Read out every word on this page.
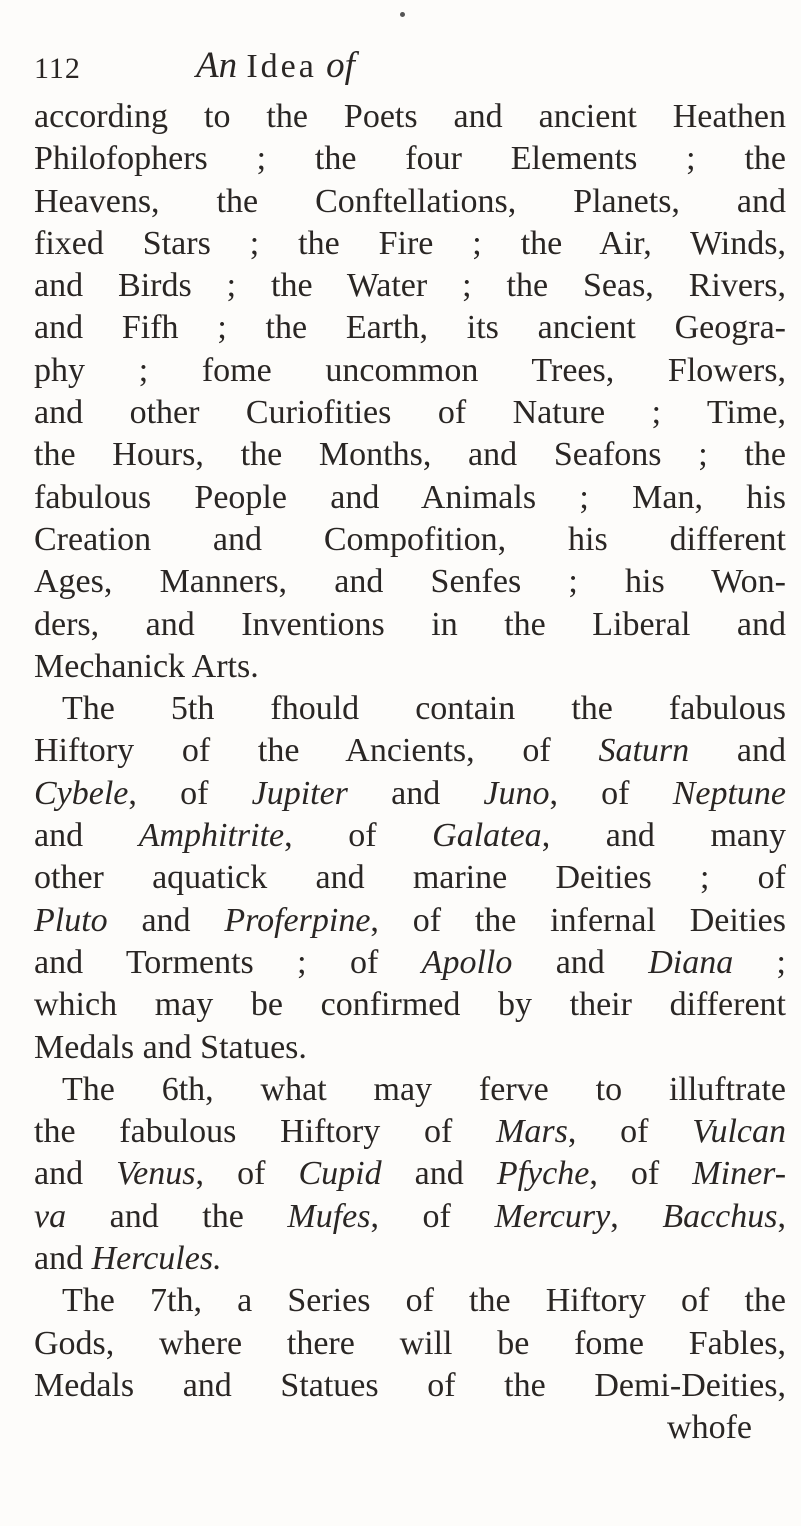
112	An Idea of
according to the Poets and ancient Heathen
Philofophers ; the four Elements ; the
Heavens, the Conftellations, Planets, and
fixed Stars ; the Fire ; the Air, Winds,
and Birds ; the Water ; the Seas, Rivers,
and Fifh ; the Earth, its ancient Geogra-
phy ; fome uncommon Trees, Flowers,
and other Curiofities of Nature ; Time,
the Hours, the Months, and Seafons ; the
fabulous People and Animals ; Man, his
Creation and Compofition, his different
Ages, Manners, and Senfes ; his Won-
ders, and Inventions in the Liberal and
Mechanick Arts.
The 5th fhould contain the fabulous
Hiftory of the Ancients, of Saturn and
Cybele, of Jupiter and Juno, of Neptune
and Amphitrite, of Galatea, and many
other aquatick and marine Deities ; of
Pluto and Proferpine, of the infernal Deities
and Torments ; of Apollo and Diana ;
which may be confirmed by their different
Medals and Statues.
The 6th, what may ferve to illuftrate
the fabulous Hiftory of Mars, of Vulcan
and Venus, of Cupid and Pfyche, of Miner-
va and the Mufes, of Mercury, Bacchus,
and Hercules.
The 7th, a Series of the Hiftory of the
Gods, where there will be fome Fables,
Medals and Statues of the Demi-Deities,
whofe
